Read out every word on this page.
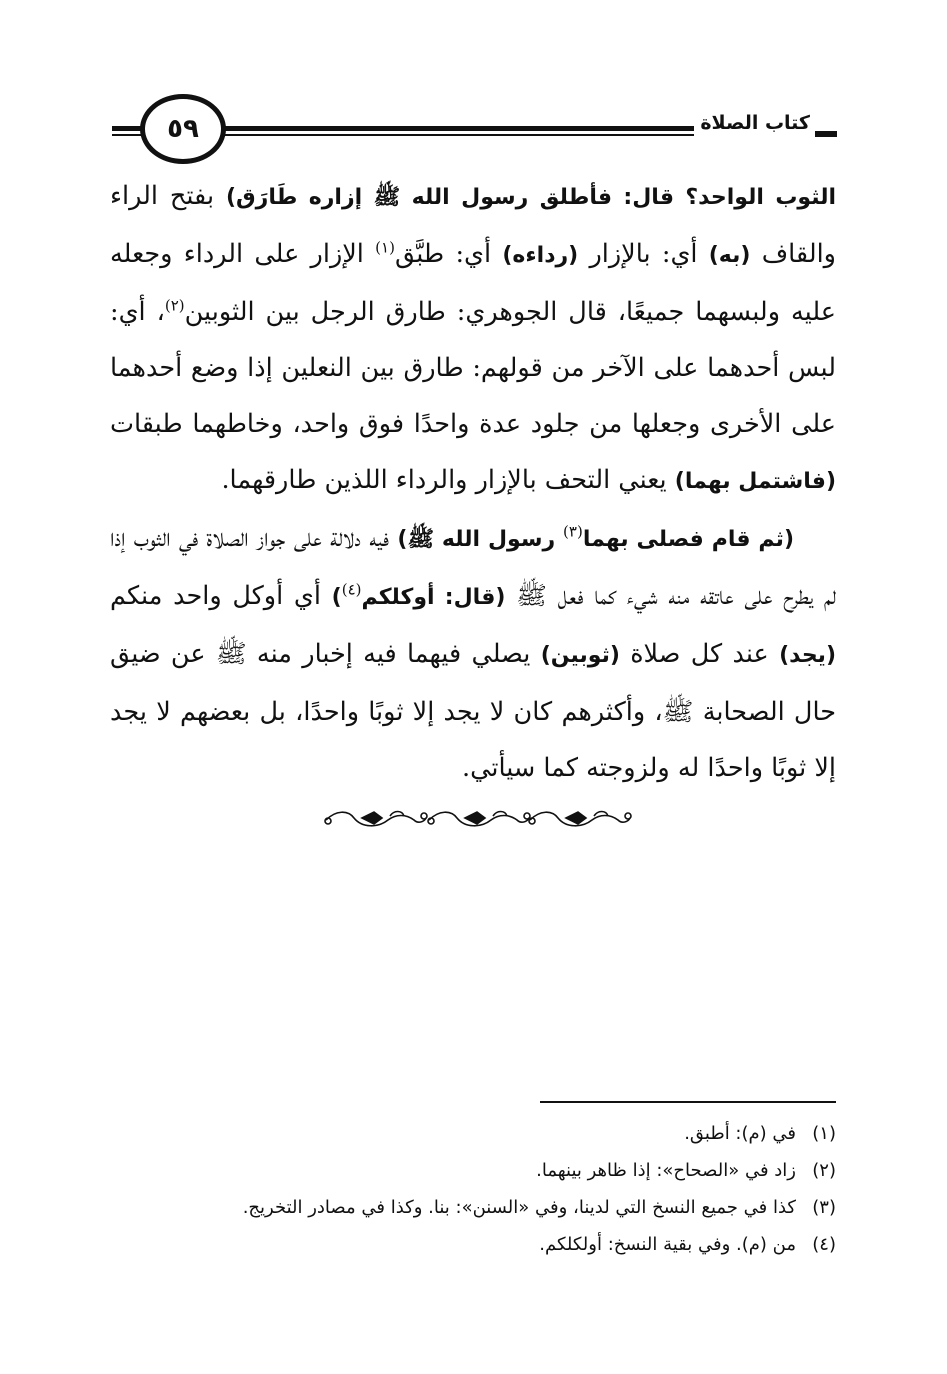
كتاب الصلاة
٥٩

الثوب الواحد؟ قال: فأطلق رسول الله ﷺ إزاره طَارَق) بفتح الراء والقاف (به) أي: بالإزار (رداءه) أي: طبَّق$^{(١)}$ الإزار على الرداء وجعله عليه ولبسهما جميعًا، قال الجوهري: طارق الرجل بين الثوبين$^{(٢)}$، أي: لبس أحدهما على الآخر من قولهم: طارق بين النعلين إذا وضع أحدهما على الأخرى وجعلها من جلود عدة واحدًا فوق واحد، وخاطهما طبقات (فاشتمل بهما) يعني التحف بالإزار والرداء اللذين طارقهما.

(ثم قام فصلى بهما$^{(٣)}$ رسول الله ﷺ) فيه دلالة على جواز الصلاة في الثوب إذا لم يطرح على عاتقه منه شيء كما فعل ﷺ (قال: أوكلكم$^{(٤)}$) أي أوكل واحد منكم (يجد) عند كل صلاة (ثوبين) يصلي فيهما فيه إخبار منه ﷺ عن ضيق حال الصحابة ﷺ، وأكثرهم كان لا يجد إلا ثوبًا واحدًا، بل بعضهم لا يجد إلا ثوبًا واحدًا له ولزوجته كما سيأتي.

(١)
في (م): أطبق.
(٢)
زاد في «الصحاح»: إذا ظاهر بينهما.
(٣)
كذا في جميع النسخ التي لدينا، وفي «السنن»: بنا. وكذا في مصادر التخريج.
(٤)
من (م). وفي بقية النسخ: أولكلكم.
